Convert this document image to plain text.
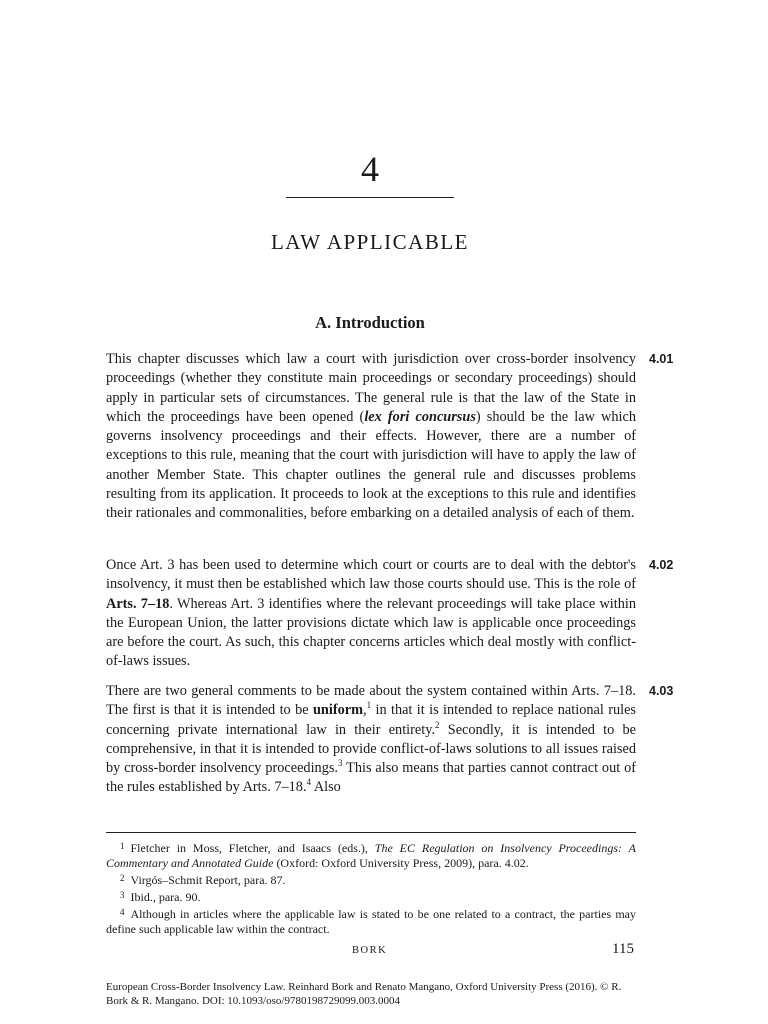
4
LAW APPLICABLE
A. Introduction
4.01
This chapter discusses which law a court with jurisdiction over cross-border insolvency proceedings (whether they constitute main proceedings or secondary proceedings) should apply in particular sets of circumstances. The general rule is that the law of the State in which the proceedings have been opened (lex fori concursus) should be the law which governs insolvency proceedings and their effects. However, there are a number of exceptions to this rule, meaning that the court with jurisdiction will have to apply the law of another Member State. This chapter outlines the general rule and discusses problems resulting from its application. It proceeds to look at the exceptions to this rule and identifies their rationales and commonalities, before embarking on a detailed analysis of each of them.
4.02
Once Art. 3 has been used to determine which court or courts are to deal with the debtor's insolvency, it must then be established which law those courts should use. This is the role of Arts. 7–18. Whereas Art. 3 identifies where the relevant proceedings will take place within the European Union, the latter provisions dictate which law is applicable once proceedings are before the court. As such, this chapter concerns articles which deal mostly with conflict-of-laws issues.
4.03
There are two general comments to be made about the system contained within Arts. 7–18. The first is that it is intended to be uniform,$^1$ in that it is intended to replace national rules concerning private international law in their entirety.$^2$ Secondly, it is intended to be comprehensive, in that it is intended to provide conflict-of-laws solutions to all issues raised by cross-border insolvency proceedings.$^3$ This also means that parties cannot contract out of the rules established by Arts. 7–18.$^4$ Also

$^1$ Fletcher in Moss, Fletcher, and Isaacs (eds.), The EC Regulation on Insolvency Proceedings: A Commentary and Annotated Guide (Oxford: Oxford University Press, 2009), para. 4.02.

$^2$ Virgós–Schmit Report, para. 87.

$^3$ Ibid., para. 90.

$^4$ Although in articles where the applicable law is stated to be one related to a contract, the parties may define such applicable law within the contract.

BORK	115
European Cross-Border Insolvency Law. Reinhard Bork and Renato Mangano, Oxford University Press (2016). © R. Bork & R. Mangano. DOI: 10.1093/oso/9780198729099.003.0004
